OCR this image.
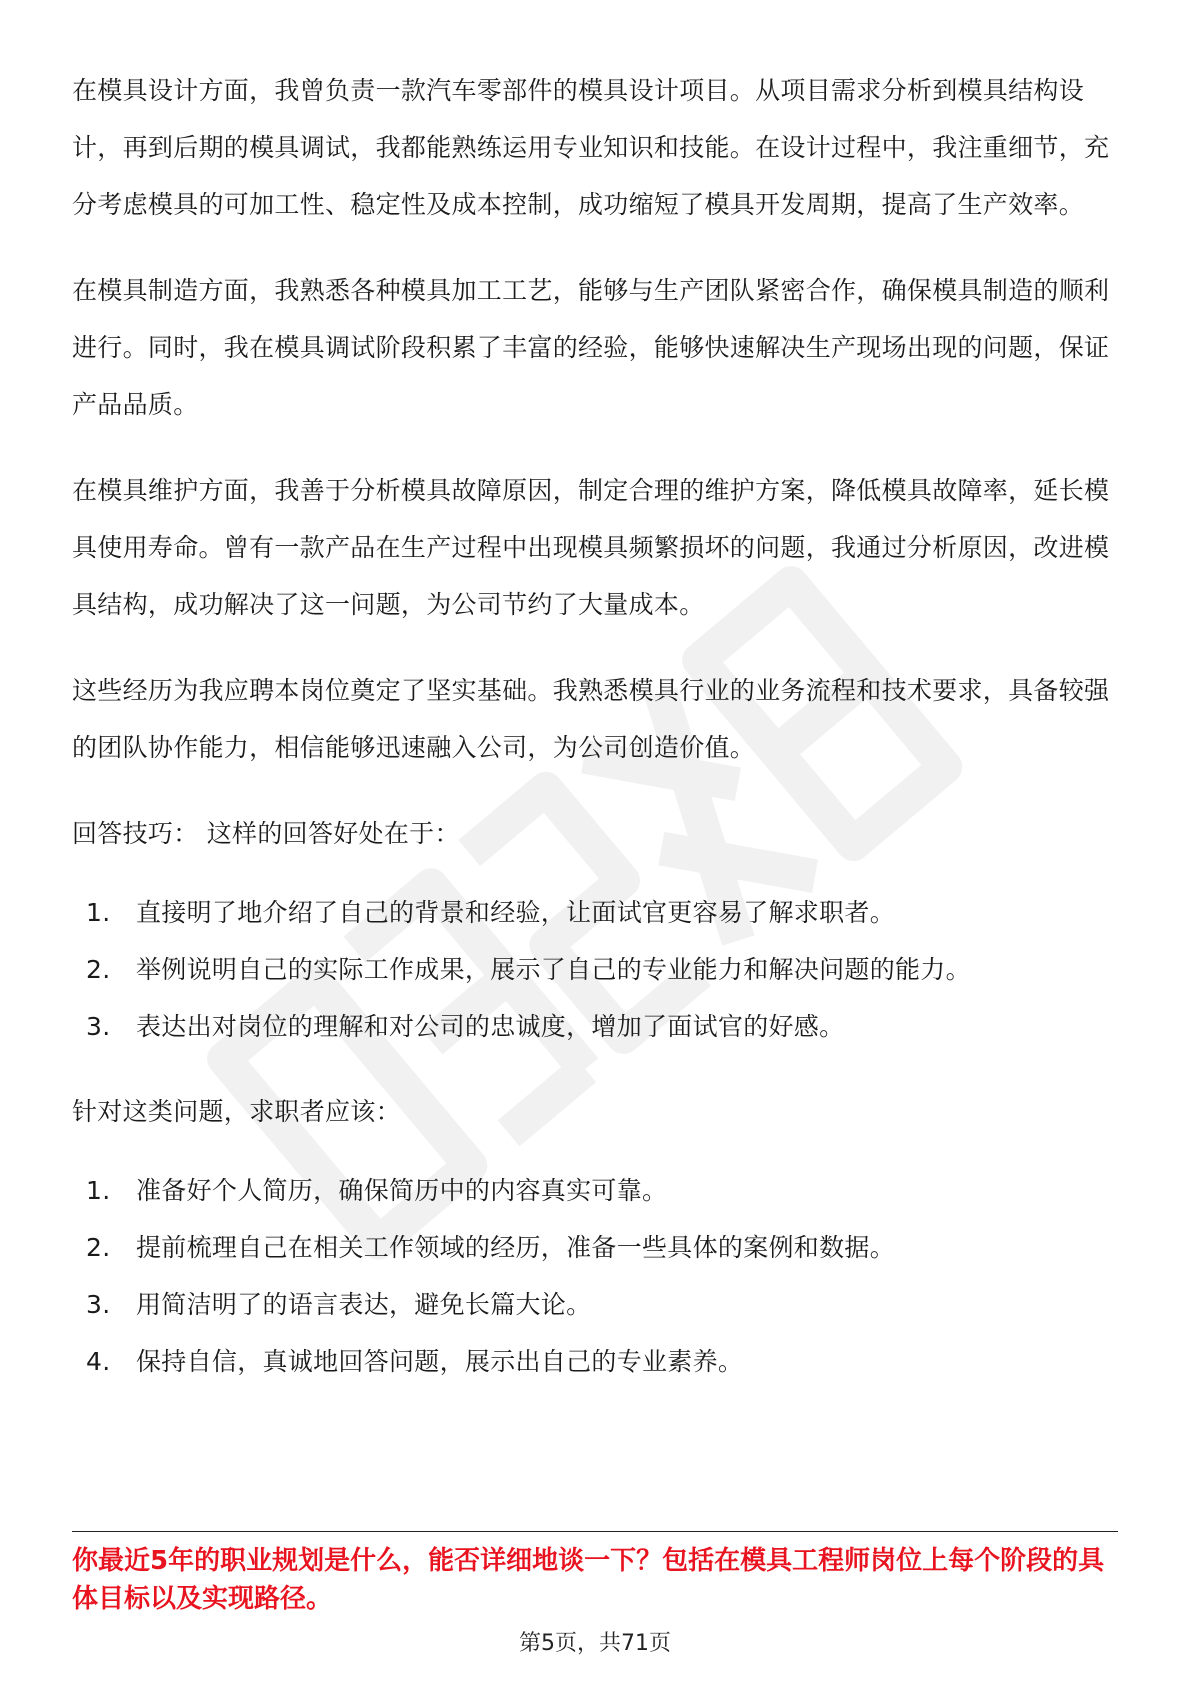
在模具设计方面，我曾负责一款汽车零部件的模具设计项目。从项目需求分析到模具结构设计，再到后期的模具调试，我都能熟练运用专业知识和技能。在设计过程中，我注重细节，充分考虑模具的可加工性、稳定性及成本控制，成功缩短了模具开发周期，提高了生产效率。

在模具制造方面，我熟悉各种模具加工工艺，能够与生产团队紧密合作，确保模具制造的顺利进行。同时，我在模具调试阶段积累了丰富的经验，能够快速解决生产现场出现的问题，保证产品品质。

在模具维护方面，我善于分析模具故障原因，制定合理的维护方案，降低模具故障率，延长模具使用寿命。曾有一款产品在生产过程中出现模具频繁损坏的问题，我通过分析原因，改进模具结构，成功解决了这一问题，为公司节约了大量成本。

这些经历为我应聘本岗位奠定了坚实基础。我熟悉模具行业的业务流程和技术要求，具备较强的团队协作能力，相信能够迅速融入公司，为公司创造价值。

回答技巧： 这样的回答好处在于：

1.	直接明了地介绍了自己的背景和经验，让面试官更容易了解求职者。
2.	举例说明自己的实际工作成果，展示了自己的专业能力和解决问题的能力。
3.	表达出对岗位的理解和对公司的忠诚度，增加了面试官的好感。

针对这类问题，求职者应该：

1.	准备好个人简历，确保简历中的内容真实可靠。
2.	提前梳理自己在相关工作领域的经历，准备一些具体的案例和数据。
3.	用简洁明了的语言表达，避免长篇大论。
4.	保持自信，真诚地回答问题，展示出自己的专业素养。
你最近5年的职业规划是什么，能否详细地谈一下？包括在模具工程师岗位上每个阶段的具体目标以及实现路径。
第5页，共71页
